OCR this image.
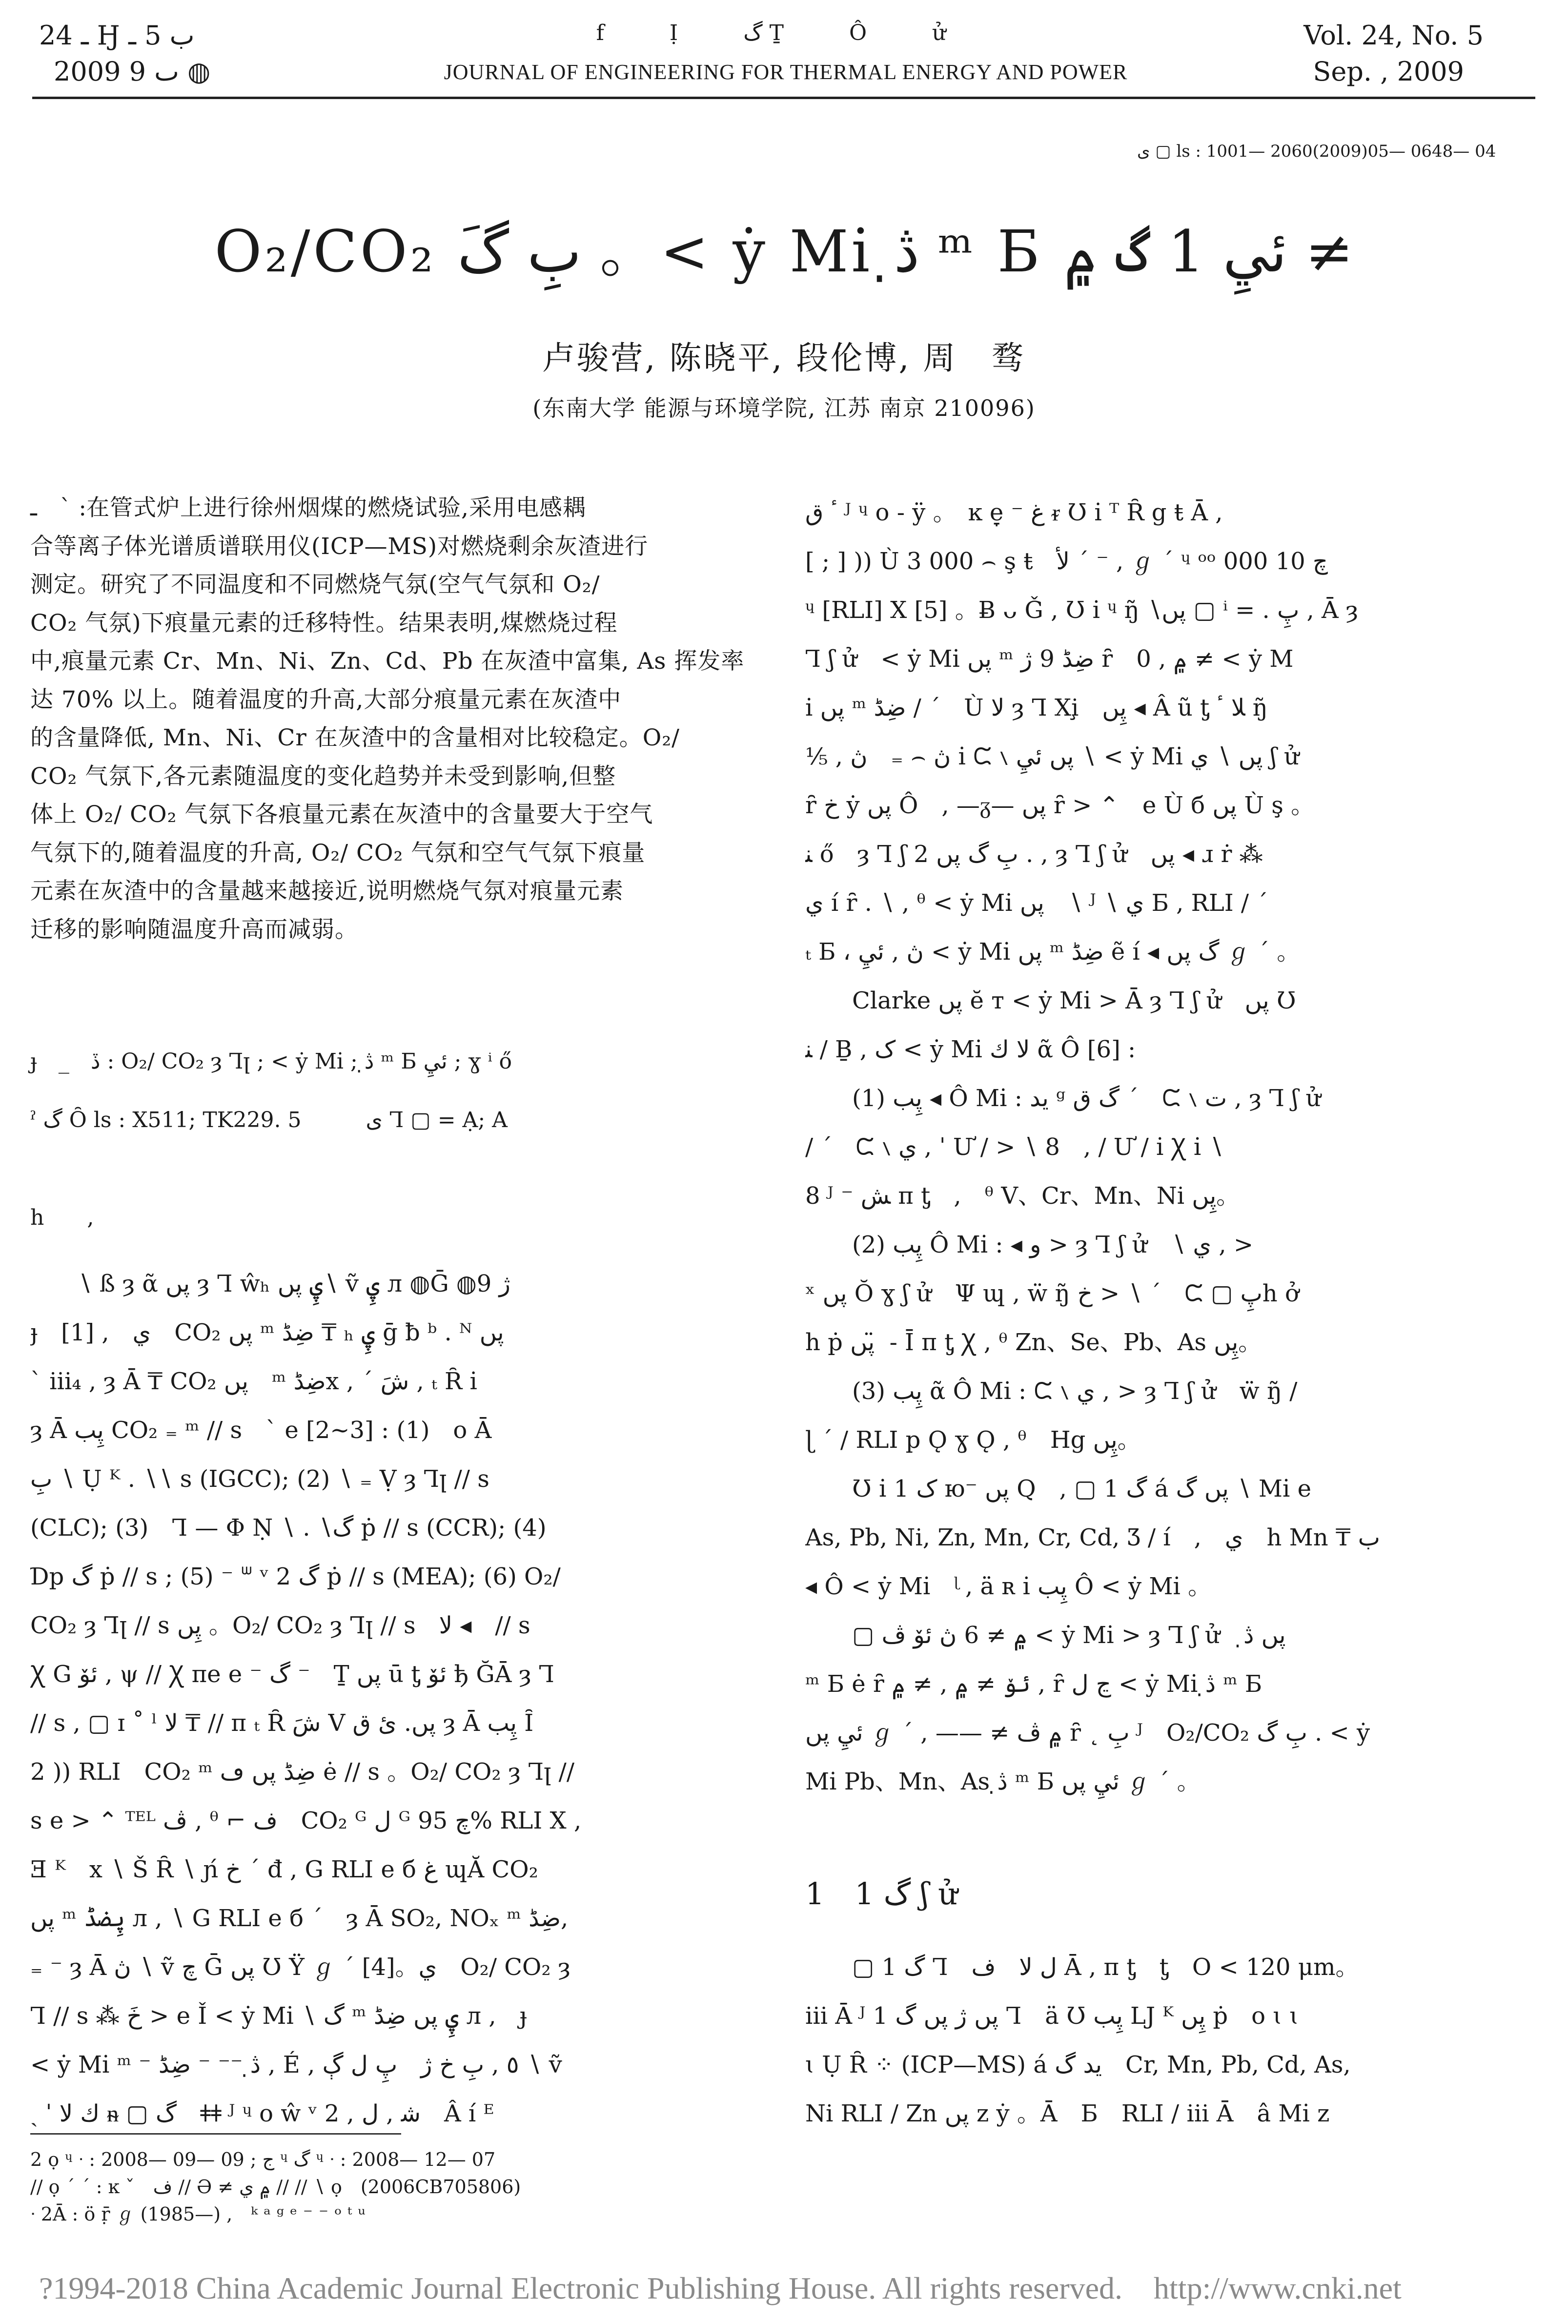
ـ 24 Ӈ ب 5 ـ
2009 ٮ 9 ◍
f Ị گ Ṯ Ô ử
JOURNAL OF ENGINEERING FOR THERMAL ENERGY AND POWER
Vol. 24, No. 5
Sep. , 2009
ى ▢ ls : 1001— 2060(2009)05— 0648— 04
O₂/CO₂ بِ گَ 。< ẏ Mi̇ ڎ̣ ᵐ Б ئيِ 1 گ ۾ ≠
卢骏营, 陈晓平, 段伦博, 周　骛
(东南大学 能源与环境学院, 江苏 南京 210096)
ـ　ˋ :在管式炉上进行徐州烟煤的燃烧试验,采用电感耦
合等离子体光谱质谱联用仪(ICP—MS)对燃烧剩余灰渣进行
测定。研究了不同温度和不同燃烧气氛(空气气氛和 O₂/
CO₂ 气氛)下痕量元素的迁移特性。结果表明,煤燃烧过程
中,痕量元素 Cr、Mn、Ni、Zn、Cd、Pb 在灰渣中富集, As 挥发率
达 70% 以上。随着温度的升高,大部分痕量元素在灰渣中
的含量降低, Mn、Ni、Cr 在灰渣中的含量相对比较稳定。O₂/
CO₂ 气氛下,各元素随温度的变化趋势并未受到影响,但整
体上 O₂/ CO₂ 气氛下各痕量元素在灰渣中的含量要大于空气
气氛下的,随着温度的升高, O₂/ CO₂ 气氛和空气气氛下痕量
元素在灰渣中的含量越来越接近,说明燃烧气氛对痕量元素
迁移的影响随温度升高而减弱。
ɟ　_　ڏ : O₂/ CO₂ ȝ Ꞁꞁ ; < ẏ Mi̇ ; ڎ̣ ᵐ Б ئيِ ; ɣ ⁱ ő
ˀ گ Ȏ ls : X511; TK229. 5　　　ى Ꞁ ▢ = Ạ; A
h　　,

∖ ß ȝ ᾶ پں ȝ Ꞁ ŵₕ ۑِ پں∖ ṽ ۑِ л ◍Ḡ ◍9 ژ

ɟ　[1] ,　ي　CO₂ پں ᵐ ضِڈ ₸ ₕ ۑِ ḡ ƀ ᵇ . ᴺ پں

ˋ iii₄ , ȝ Ā ₸ CO₂ پں　ᵐ ضِڈx , ´ شَ , ₜ Ȓ i̇

ȝ Ā پِب CO₂ ₌ ᵐ ∕∕ s　ˋ e [2~3] : (1)　o Ā

بِ ∖ Ụ ᴷ . ∖∖ s (IGCC); (2) ∖ ₌ Ṿ ȝ Ꞁꞁ ∕∕ s

(CLC); (3)　Ꞁ — Φ Ṇ ∖ . ∖گ ṗ ∕∕ s (CCR); (4)

Ɗp گ ṗ ∕∕ s ; (5) ⁻ ᐜ ᵛ 2 گ ṗ ∕∕ s (MEA); (6) O₂/

CO₂ ȝ Ꞁꞁ ∕∕ s پِں 。O₂/ CO₂ ȝ Ꞁꞁ ∕∕ s　ﻻ ◂　∕∕ s

Ꭓ G ئۆ , ψ ∕∕ Ꭓ ᴨe e ⁻ گ ⁻　Ṯ پں ū ƫ ئۆ ђ ĞĀ ȝ Ꞁ

∕∕ s , ▢ ɪ ˚ ˡ ﻻ ₸ ∕∕ ᴨ ₜ Ȓ شَ V پں. ئ ق ȝ Ā پِب Ȋ

2 )) RLI　CO₂ ᵐ ضِڈ پں ڡ ė ∕∕ s 。O₂/ CO₂ ȝ Ꞁꞁ ∕∕

s e > ⌃ ᵀᴱᴸ ڤ , ᶿ ⌐ ف　CO₂ ᴳ ﻝ ᴳ چ 95% RLI X ,

Ǝ ᴷ　x ∖ Š Ȓ ∖ ɲ́ خ ˊ đ , G RLI e б ﻍ ɰĂ CO₂

پں ᵐ ۑِضڈ л , ∖ G RLI e б ´　ȝ Ā SO₂, NOₓ ᵐ ضِڈ,

₌ ⁻ ȝ Ā ڽ ∖ ṽ چ Ḡ پں Ʊ Ÿ ℊ ˊ [4]。ي　O₂/ CO₂ ȝ

Ꞁ ∕∕ s ⁂ خَ > e Ǐ < ẏ Mi̇ ∖ گ ᵐ ۑِ پں ضِڈ л ,　ɟ

< ẏ Mi̇ ᵐ ⁻ ڎ̣ ⁻⁻ ⁻ ضِڈ , É , ٥ , بِ خ ژ　پِ ﻝ ڳ ∖ ṽ

ˏ ˈ ﻙ ﻻ ᵰ ▢ گ　ǂǂ ᴶ ᶣ o ŵ ᵛ 2 , ﺷ , ﻝ　Â í ᴱ

ٴ ق ᴶ ᶣ o - ÿ 。　ĸ e̞ ⁻ ﻍ ᵲ Ʊ i̇ ᵀ Ȓ g ŧ Ā ,

[ ; ] )) Ù 3 000 ⌢ ş ŧ　ﻷ ˊ ⁻ , ℊ ˊ ᶣ ᵒᵒ چ 10 000

ᶣ [RLI] X [5] 。Ƀ ᴗ Ǧ , Ʊ i̇ ᶣ ŋ̃ ∖پں ▢ ⁱ = . پِ , Ā ȝ

Ꞁ ʃ ử　< ẏ Mi̇ پں ᵐ ضِڈ 9 ژ ȓ　0 , ۾ ≠ < ẏ M

i̇ پں ᵐ ضِڈ ∕ ˊ　Ù ﻻ ȝ Ꞁ Xi̧　پِں ◂ Â ũ ƫ ﻼ ٴ ŋ̃

⅕ , ڽ ⌢ ₌　ڽ i̇ ᙅ ∖ پں ئيِ ∖ < ẏ Mi̇ پں ∖ ي ʃ ử

ȓ خ ẏ پں Ô　, —ᵹ— پں ȓ > ⌃　e Ù б پں Ù ş 。

ﻨ ő　ȝ Ꞁ ʃ بِ گ پں 2 . , ȝ Ꞁ ʃ ử　پں ◂ ɹ ṙ ⁂

ي í ȓ . ∖ , ᶿ < ẏ Mi̇ پں　∖ ᴶ ∖ ي Б , RLI ∕ ˊ

ₜ Б ، ڽ , ئيِ < ẏ Mi̇ پں ᵐ ضِڈ ẽ í ◂ گ پں ℊ ˊ 。

Clarke پں ӗ ᴛ < ẏ Mi̇ > Ā ȝ Ꞁ ʃ ử　پں Ʊ

ﻨ ∕ Ḇ , ک < ẏ Mi̇ ﻻ ﻙ ᾶ Ô [6] :

(1) پِب ◂ Ô Mi̇ : ید ᵍ گ ق ´　ᙅ ∖ ت , ȝ Ꞁ ʃ ử

∕ ´　ᙅ ∖ ي , ˈ Ư ∕ > ∖ 8　, ∕ Ư ∕ i̇ Ꭓ i̇ ∖

8 ᴶ ⁻ ﺶ ᴨ ƫ　,　ᶿ V、Cr、Mn、Ni پِں。

(2) پِب Ô Mi̇ : ◂ و > ȝ Ꞁ ʃ ử　∖ ي , >

ˣ پں Ŏ ɣ ʃ ử　Ψ ɰ , ẅ ŋ̃ خ > ∖ ´　ᙅ ▢ پِh ở

h ṗ پں ̈ - Ī ᴨ ƫ Ꭓ , ᶿ Zn、Se、Pb、As پِں。

(3) پِب ᾶ Ô Mi̇ : ᙅ ∖ ي , > ȝ Ꞁ ʃ ử　ẅ ŋ̃ ∕

ɭ ´ ∕ RLI p Ǫ ɣ Ǫ , ᶿ　Hg پِں。

Ʊ i̇ 1 ک ю⁻ پں Q　, ▢ 1 گ á پں گ ∖ Mi̇ e

As, Pb, Ni, Zn, Mn, Cr, Cd, Ʒ ∕ í　,　ي　h Mn ₸ ب

◂ Ô < ẏ Mi̇　ᶩ , ä ʀ i̇ پِب Ô < ẏ Mi̇ 。

▢ ۾ ≠ 6 ڽ ئۆ ڤ < ẏ Mi̇ > ȝ Ꞁ ʃ ử　پں ڎ̣

ᵐ Б ė ȓ ئۆ ≠ ۾ , ≠ ۾ , ȓ ڃ ﻝ < ẏ Mi̇ ڎ̣ ᵐ Б

ئيِ پں ℊ ˊ , —— ≠ ۾ ڤ ȓ ˛ بِ ᴶ　O₂/CO₂ بِ گ . < ẏ

Mi̇ Pb、Mn、As ڎ̣ ᵐ Б ئيِ پں ℊ ˊ 。

1　1 گ ʃ ử

▢ 1 گ Ꞁ　ﻝ ﻻ　ﻑ Ā , ᴨ ƫ　ƫ　O < 120 μm。

iii Ā ᴶ 1 پں ژ پں گ Ꞁ　ä Ʊ پِب LJ ᴷ پِں ṗ　o ɩ ɩ

ɩ Ụ Ȓ ⁘ (ICP—MS) á ید گ　Cr, Mn, Pb, Cd, As,

Ni RLI ∕ Zn پں z ẏ 。Ā　Б　RLI ∕ iii Ā　â Mi̇ z

2 ọ ᶣ ᐧ : 2008— 09— 09 ; ج ᶣ گ ᶣ ᐧ : 2008— 12— 07
∕∕ ọ ˊ ˊ : ĸ ˇ　ﻑ ∕∕ Ə ≠ ۾ ي ∕∕ ∕∕ ∖ ọ　(2006CB705806)
ᐧ 2Ā : ö ṝ ℊ (1985—) ,　ᵏ ᵃ ᵍ ᵉ ⁻ ⁻ ᵒ ᵗ ᵘ
?1994-2018 China Academic Journal Electronic Publishing House. All rights reserved.　http://www.cnki.net
